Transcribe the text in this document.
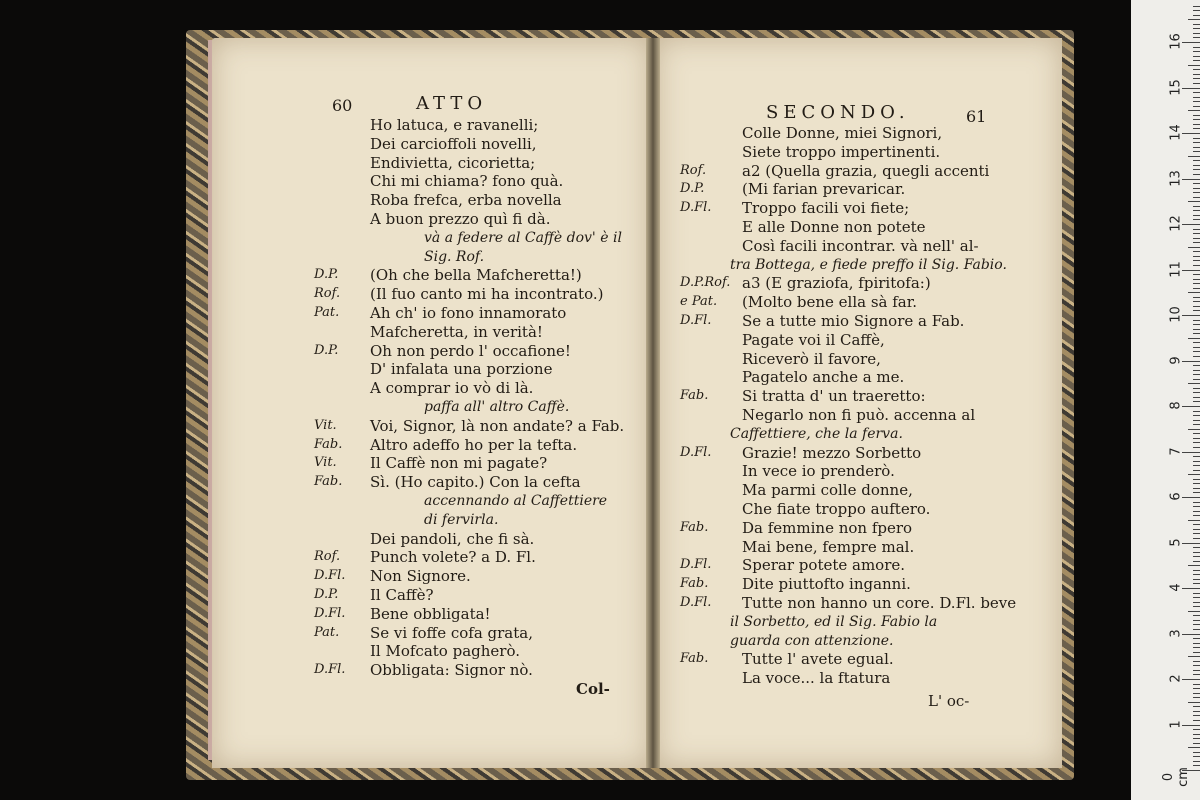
Ho latuca, e ravanelli;
Dei carcioffoli novelli,
Endivietta, cicorietta;
Chi mi chiama? fono quà.
Roba frefca, erba novella
A buon prezzo quì fi dà.
và a federe al Caffè dov' è il
Sig. Rof.
D.P. (Oh che bella Mafcheretta!)
Rof. (Il fuo canto mi ha incontrato.)
Pat. Ah ch' io fono innamorato
Mafcheretta, in verità!
D.P. Oh non perdo l' occafione!
D' infalata una porzione
A comprar io vò di là.
paffa all' altro Caffè.
Vit. Voi, Signor, là non andate? a Fab.
Fab. Altro adeffo ho per la tefta.
Vit. Il Caffè non mi pagate?
Fab. Sì. (Ho capito.) Con la cefta
accennando al Caffettiere
di fervirla.
Dei pandoli, che fi sà.
Rof. Punch volete? a D. Fl.
D.Fl. Non Signore.
D.P. Il Caffè?
D.Fl. Bene obbligata!
Pat. Se vi foffe cofa grata,
Il Mofcato pagherò.
D.Fl. Obbligata: Signor nò.
Colle Donne, miei Signori,
Siete troppo impertinenti.
Rof. a2 (Quella grazia, quegli accenti
D.P.	(Mi farian prevaricar.
D.Fl. Troppo facili voi fiete;
E alle Donne non potete
Così facili incontrar. và nell' al-
tra Bottega, e fiede preffo il Sig. Fabio.
D.P.Rof. a3 (E graziofa, fpiritofa:)
e Pat. (Molto bene ella sà far.
D.Fl. Se a tutte mio Signore a Fab.
Pagate voi il Caffè,
Riceverò il favore,
Pagatelo anche a me.
Fab. Si tratta d' un traeretto:
Negarlo non fi può. accenna al
Caffettiere, che la ferva.
D.Fl. Grazie! mezzo Sorbetto
In vece io prenderò.
Ma parmi colle donne,
Che fiate troppo auftero.
Fab. Da femmine non fpero
Mai bene, fempre mal.
D.Fl. Sperar potete amore.
Fab. Dite piuttofto inganni.
D.Fl. Tutte non hanno un core. D.Fl. beve
il Sorbetto, ed il Sig. Fabio la
guarda con attenzione.
Fab. Tutte l' avete egual.
La voce... la ftatura
60	ATTO	SECONDO.	61
Col-
L' oc-
0 cm
1
2
3
4
5
6
7
8
9
10
11
12
13
14
15
16
